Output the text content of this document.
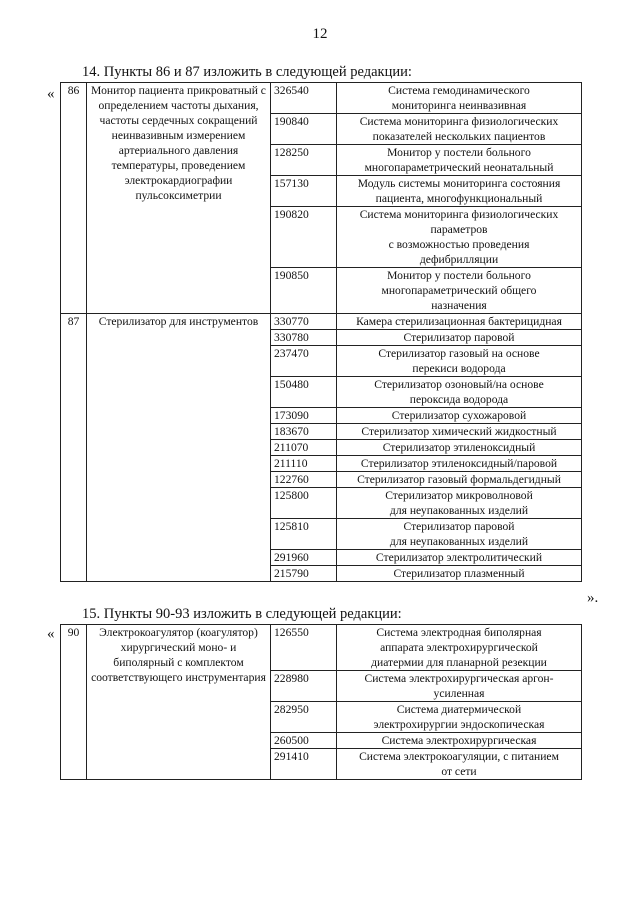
12
14. Пункты 86 и 87 изложить в следующей редакции:
«
».
86	Монитор пациента прикроватный с определением частоты дыхания, частоты сердечных сокращений неинвазивным измерением артериального давления температуры, проведением электрокардиографии пульсоксиметрии	326540	Система гемодинамического
мониторинга неинвазивная

		190840	Система мониторинга физиологических
показателей нескольких пациентов

		128250	Монитор у постели больного
многопараметрический неонатальный

		157130	Модуль системы мониторинга состояния
пациента, многофункциональный

		190820	Система мониторинга физиологических
параметров
с возможностью проведения
дефибрилляции

		190850	Монитор у постели больного
многопараметрический общего
назначения

87	Стерилизатор для инструментов	330770	Камера стерилизационная бактерицидная

		330780	Стерилизатор паровой

		237470	Стерилизатор газовый на основе
перекиси водорода

		150480	Стерилизатор озоновый/на основе
пероксида водорода

		173090	Стерилизатор сухожаровой

		183670	Стерилизатор химический жидкостный

		211070	Стерилизатор этиленоксидный

		211110	Стерилизатор этиленоксидный/паровой

		122760	Стерилизатор газовый формальдегидный

		125800	Стерилизатор микроволновой
для неупакованных изделий

		125810	Стерилизатор паровой
для неупакованных изделий

		291960	Стерилизатор электролитический

		215790	Стерилизатор плазменный
15. Пункты 90-93 изложить в следующей редакции:
« 90	Электрокоагулятор (коагулятор) хирургический моно- и биполярный с комплектом соответствующего инструментария	126550	Система электродная биполярная
аппарата электрохирургической
диатермии для планарной резекции

		228980	Система электрохирургическая аргон-
усиленная

		282950	Система диатермической
электрохирургии эндоскопическая

		260500	Система электрохирургическая

		291410	Система электрокоагуляции, с питанием
от сети
